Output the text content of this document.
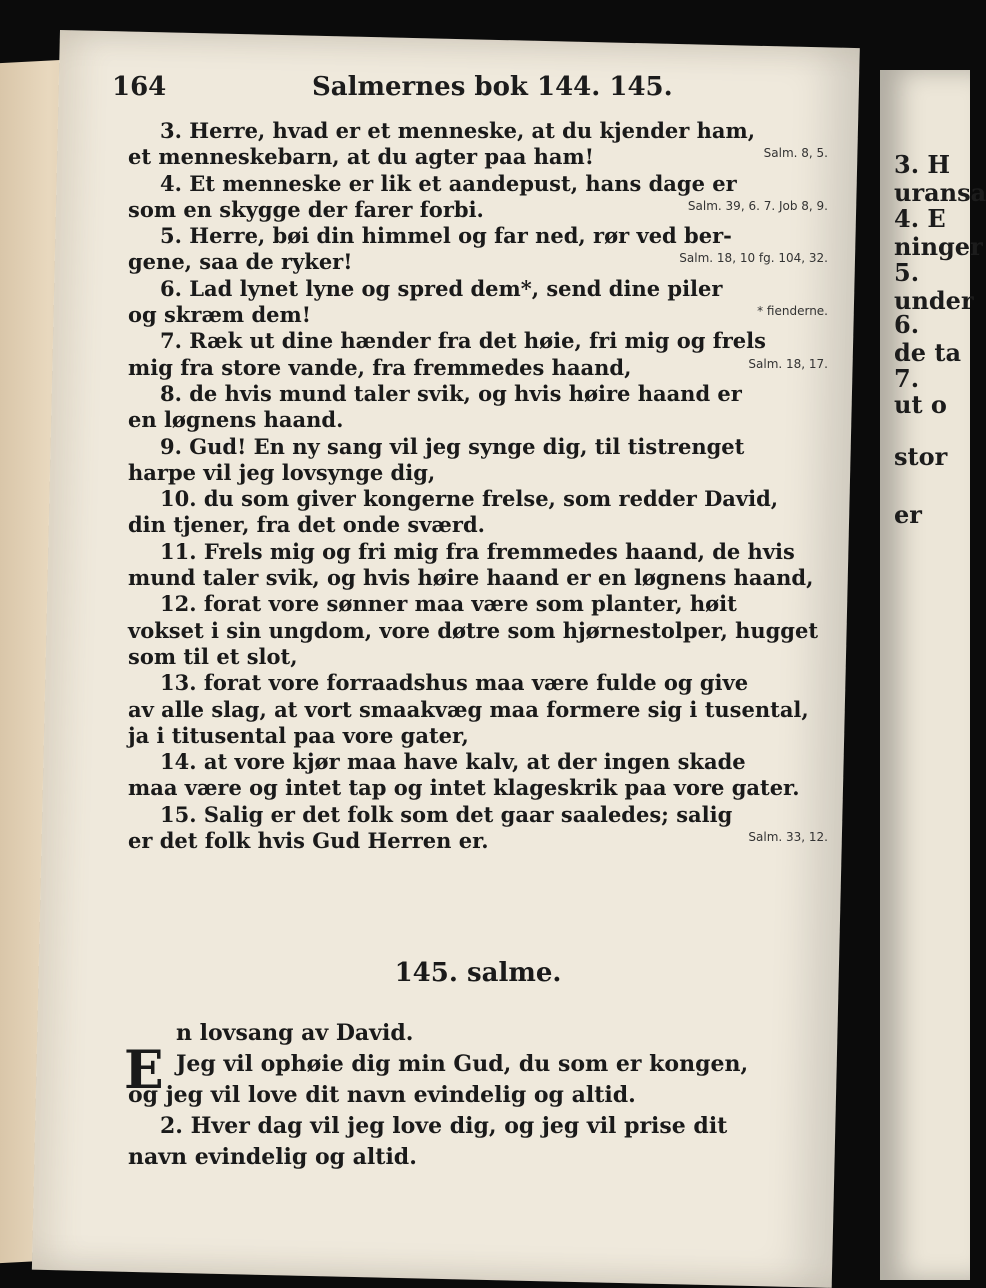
3. H
uransa
4. E
ninger
5.
under
6.
de ta
7.
ut o
stor
er
164	Salmernes bok 144. 145.
3. Herre, hvad er et menneske, at du kjender ham,
et menneskebarn, at du agter paa ham!	Salm. 8, 5.
4. Et menneske er lik et aandepust, hans dage er
som en skygge der farer forbi.	Salm. 39, 6. 7. Job 8, 9.
5. Herre, bøi din himmel og far ned, rør ved ber-
gene, saa de ryker!	Salm. 18, 10 fg. 104, 32.
6. Lad lynet lyne og spred dem*, send dine piler
og skræm dem!	* fienderne.
7. Ræk ut dine hænder fra det høie, fri mig og frels
mig fra store vande, fra fremmedes haand,	Salm. 18, 17.
8. de hvis mund taler svik, og hvis høire haand er
en løgnens haand.
9. Gud! En ny sang vil jeg synge dig, til tistrenget
harpe vil jeg lovsynge dig,
10. du som giver kongerne frelse, som redder David,
din tjener, fra det onde sværd.
11. Frels mig og fri mig fra fremmedes haand, de hvis
mund taler svik, og hvis høire haand er en løgnens haand,
12. forat vore sønner maa være som planter, høit
vokset i sin ungdom, vore døtre som hjørnestolper, hugget
som til et slot,
13. forat vore forraadshus maa være fulde og give
av alle slag, at vort smaakvæg maa formere sig i tusental,
ja i titusental paa vore gater,
14. at vore kjør maa have kalv, at der ingen skade
maa være og intet tap og intet klageskrik paa vore gater.
15. Salig er det folk som det gaar saaledes; salig
er det folk hvis Gud Herren er.	Salm. 33, 12.
145. salme.
E
n lovsang av David.
Jeg vil ophøie dig min Gud, du som er kongen,
og jeg vil love dit navn evindelig og altid.
2. Hver dag vil jeg love dig, og jeg vil prise dit
navn evindelig og altid.
